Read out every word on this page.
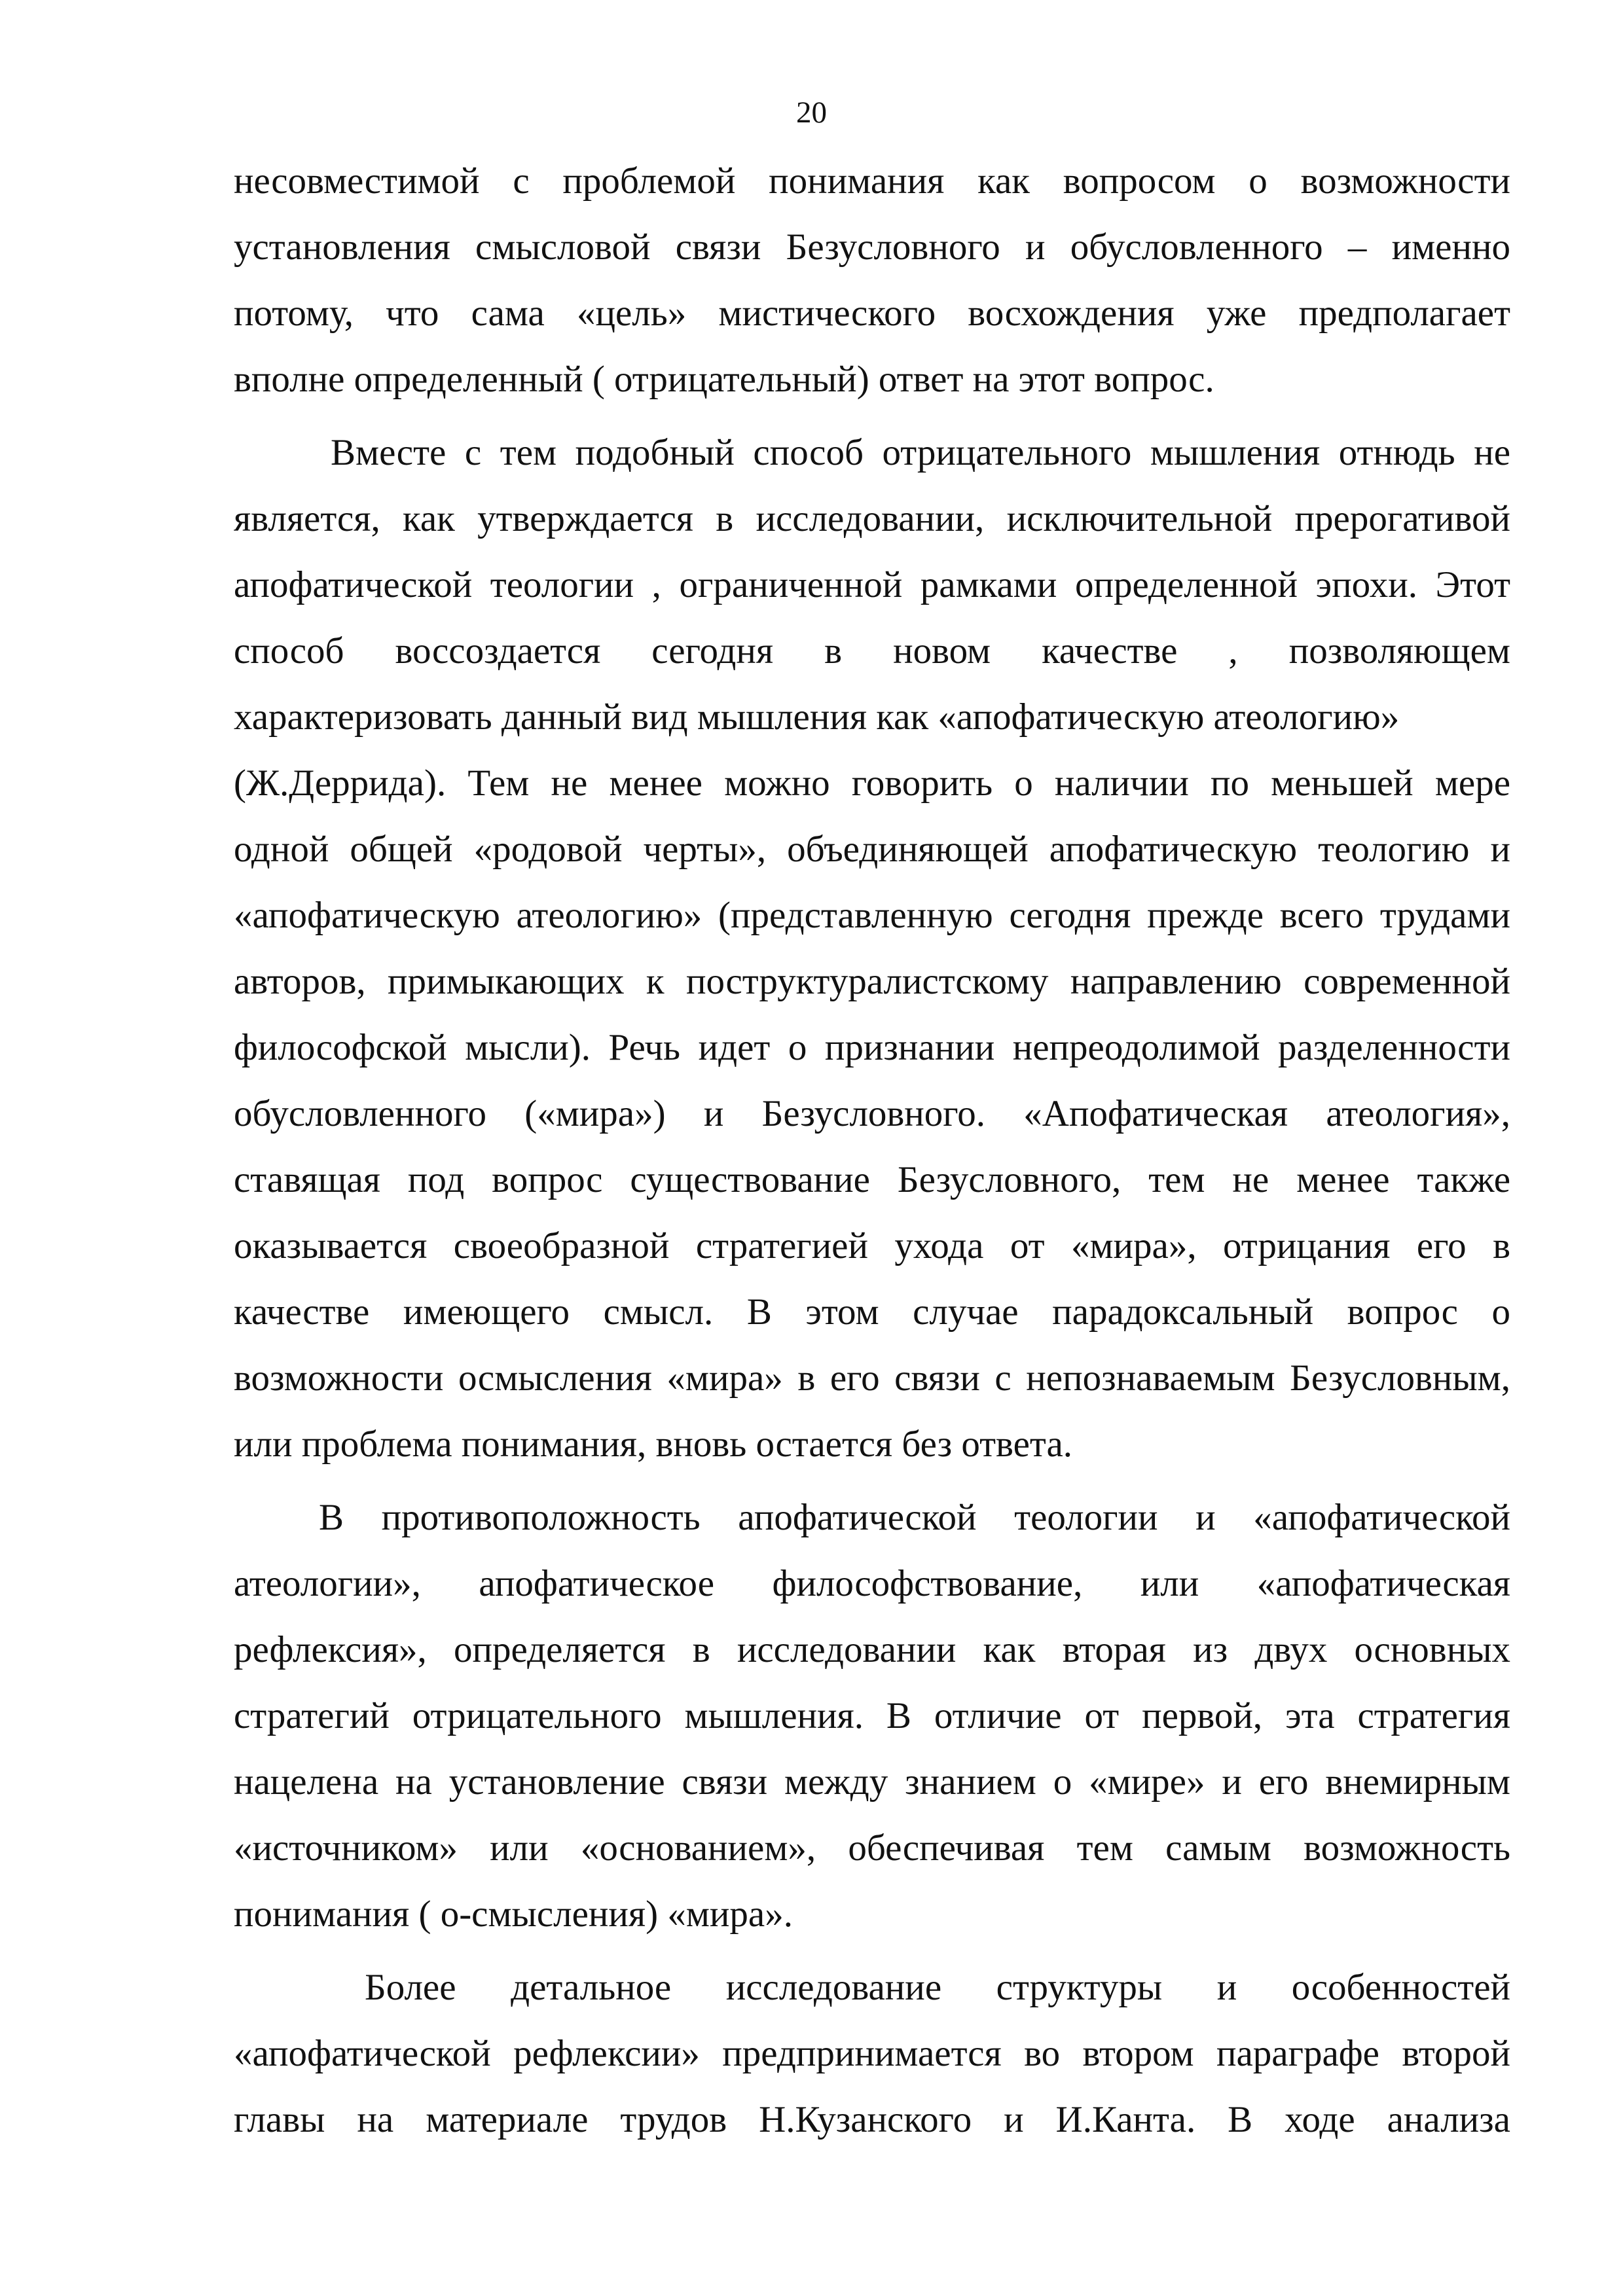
20
несовместимой с проблемой понимания как вопросом о возможности
установления смысловой связи Безусловного и обусловленного – именно
потому, что сама «цель» мистического восхождения уже предполагает
вполне определенный ( отрицательный) ответ на этот вопрос.
Вместе с тем подобный способ отрицательного мышления отнюдь не
является, как утверждается в исследовании, исключительной прерогативой
апофатической теологии , ограниченной рамками определенной эпохи. Этот
способ воссоздается сегодня в новом качестве , позволяющем
характеризовать данный вид мышления как «апофатическую атеологию»
(Ж.Деррида). Тем не менее можно говорить о наличии по меньшей мере
одной общей «родовой черты», объединяющей апофатическую теологию и
«апофатическую атеологию» (представленную сегодня прежде всего трудами
авторов, примыкающих к поструктуралистскому направлению современной
философской мысли). Речь идет о признании непреодолимой разделенности
обусловленного («мира») и Безусловного. «Апофатическая атеология»,
ставящая под вопрос существование Безусловного, тем не менее также
оказывается своеобразной стратегией ухода от «мира», отрицания его в
качестве имеющего смысл. В этом случае парадоксальный вопрос о
возможности осмысления «мира» в его связи с непознаваемым Безусловным,
или проблема понимания, вновь остается без ответа.
В противоположность апофатической теологии и «апофатической
атеологии», апофатическое философствование, или «апофатическая
рефлексия», определяется в исследовании как вторая из двух основных
стратегий отрицательного мышления. В отличие от первой, эта стратегия
нацелена на установление связи между знанием о «мире» и его внемирным
«источником» или «основанием», обеспечивая тем самым возможность
понимания ( о-смысления) «мира».
Более детальное исследование структуры и особенностей
«апофатической рефлексии» предпринимается во втором параграфе второй
главы на материале трудов Н.Кузанского и И.Канта. В ходе анализа
